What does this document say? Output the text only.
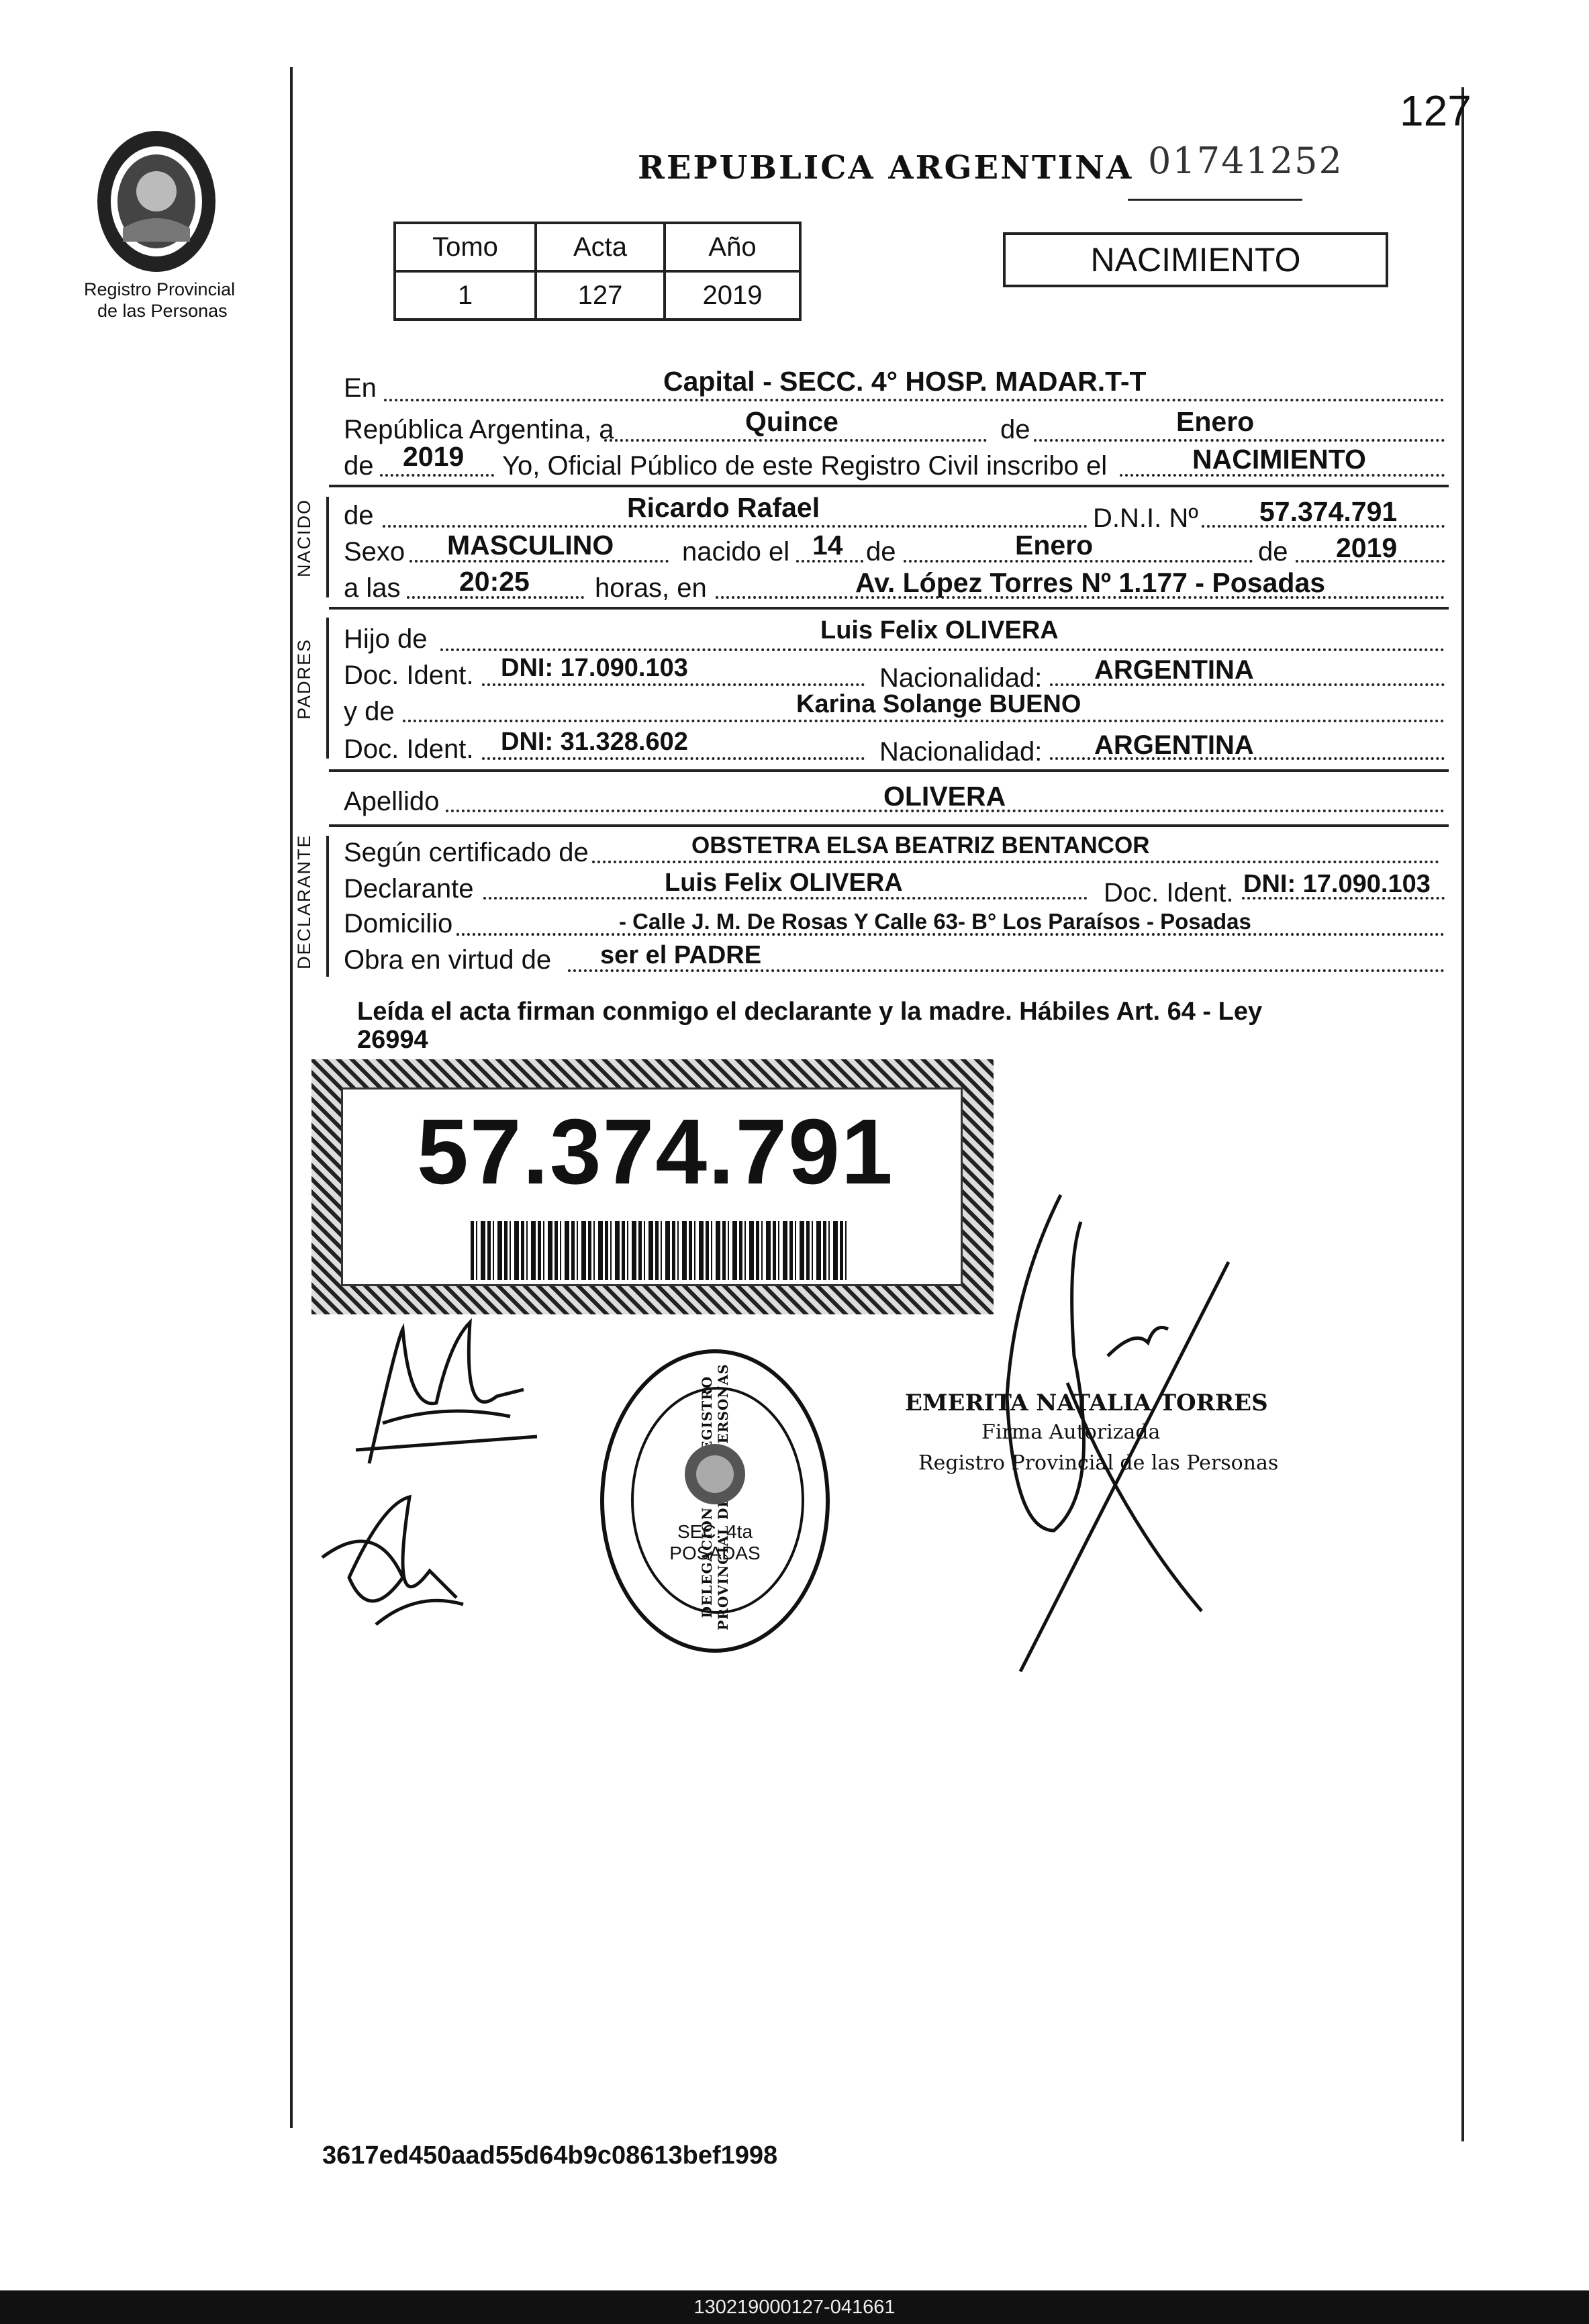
Registro Provincial
de las Personas
REPUBLICA ARGENTINA 01741252
127
Tomo	Acta	Año
1	127	2019
NACIMIENTO
NACIDO
PADRES
DECLARANTE
En	Capital - SECC. 4° HOSP. MADAR.T-T
República Argentina, a	Quince	de	Enero
de 2019 Yo, Oficial Público de este Registro Civil inscribo el	NACIMIENTO
de	Ricardo Rafael	D.N.I. Nº 57.374.791
Sexo MASCULINO	nacido el 14 de	Enero	de 2019
a las 20:25 horas, en	Av. López Torres Nº 1.177 - Posadas
Hijo de	Luis Felix OLIVERA
Doc. Ident. DNI: 17.090.103	Nacionalidad: ARGENTINA
y de	Karina Solange BUENO
Doc. Ident. DNI: 31.328.602	Nacionalidad: ARGENTINA
Apellido	OLIVERA
Según certificado de	OBSTETRA ELSA BEATRIZ BENTANCOR
Declarante	Luis Felix OLIVERA	Doc. Ident. DNI: 17.090.103
Domicilio	- Calle J. M. De Rosas Y Calle 63- B° Los Paraísos - Posadas
Obra en virtud de ser el PADRE
Leída el acta firman conmigo el declarante y la madre. Hábiles Art. 64 - Ley
26994
57.374.791
SEC. 4ta POSADAS
EMERITA NATALIA TORRES
Firma Autorizada
Registro Provincial de las Personas
3617ed450aad55d64b9c08613bef1998
130219000127-041661
